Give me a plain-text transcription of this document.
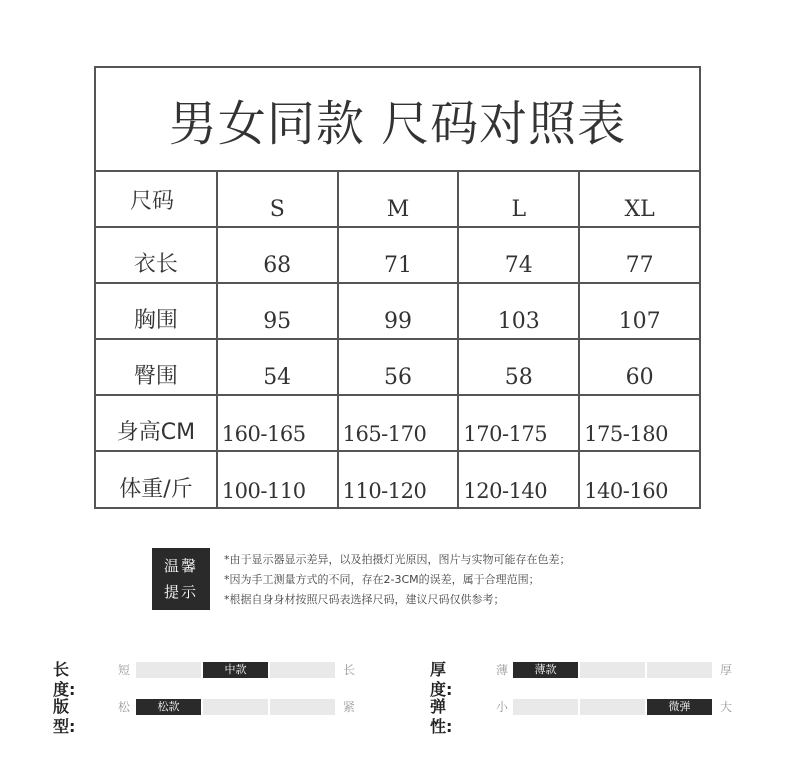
男女同款 尺码对照表
尺码	S	M	L	XL
衣长	68	71	74	77
胸围	95	99	103	107
臀围	54	56	58	60
身高CM	160-165	165-170	170-175	175-180
体重/斤	100-110	110-120	120-140	140-160
温馨
提示
*由于显示器显示差异，以及拍摄灯光原因，图片与实物可能存在色差；
*因为手工测量方式的不同，存在2-3CM的误差，属于合理范围；
*根据自身身材按照尺码表选择尺码，建议尺码仅供参考；
长度:
短	中款	长	厚度:
薄	薄款	厚
版型:
松	松款	紧	弹性:
小	微弹	大
